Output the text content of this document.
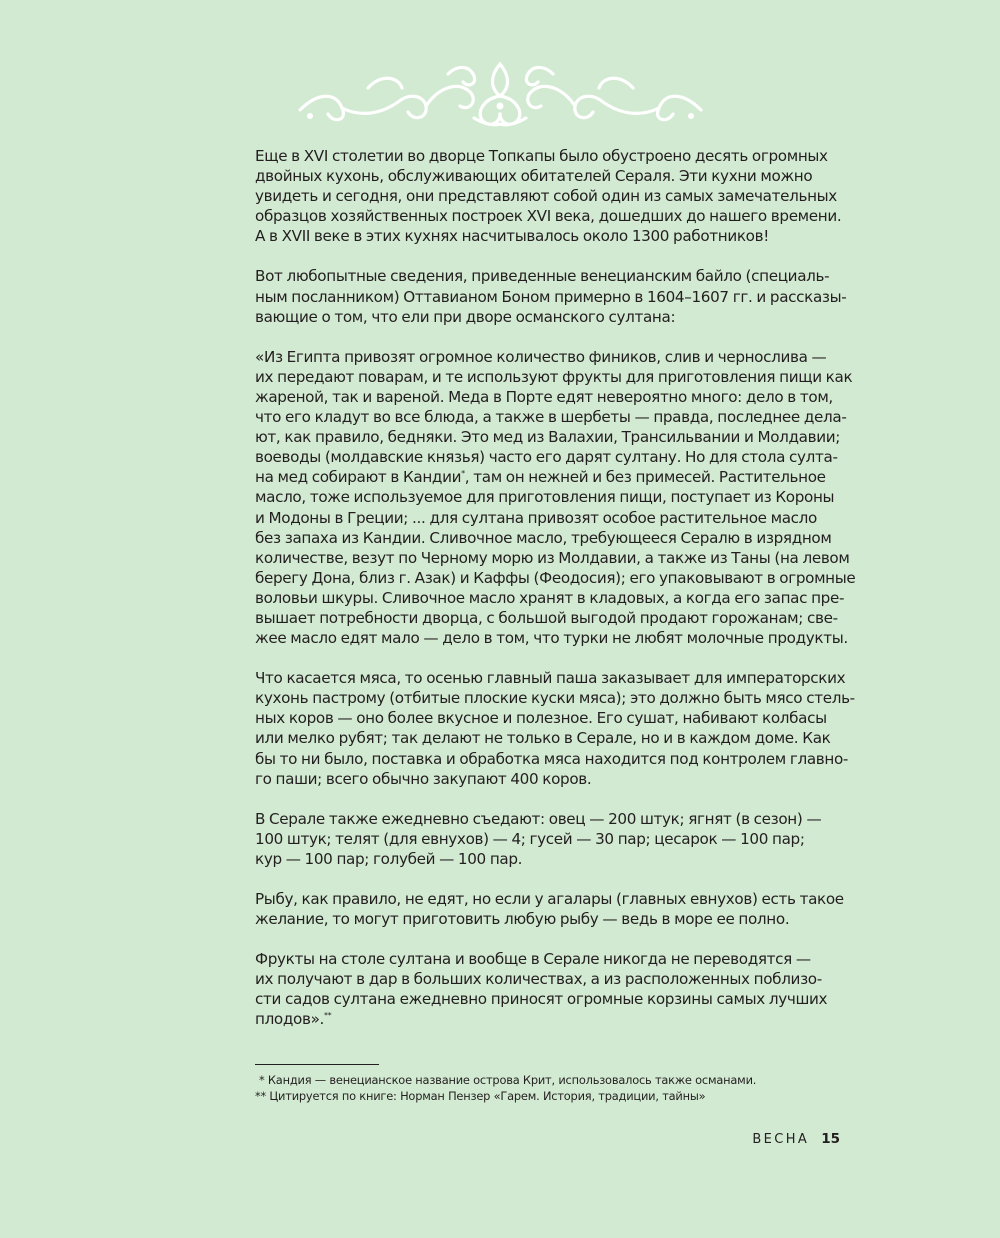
Еще в XVI столетии во дворце Топкапы было обустроено десять огромных
двойных кухонь, обслуживающих обитателей Сераля. Эти кухни можно
увидеть и сегодня, они представляют собой один из самых замечательных
образцов хозяйственных построек XVI века, дошедших до нашего времени.
А в XVII веке в этих кухнях насчитывалось около 1300 работников!

Вот любопытные сведения, приведенные венецианским байло (специаль-
ным посланником) Оттавианом Боном примерно в 1604–1607 гг. и рассказы-
вающие о том, что ели при дворе османского султана:

«Из Египта привозят огромное количество фиников, слив и чернослива —
их передают поварам, и те используют фрукты для приготовления пищи как
жареной, так и вареной. Меда в Порте едят невероятно много: дело в том,
что его кладут во все блюда, а также в шербеты — правда, последнее дела-
ют, как правило, бедняки. Это мед из Валахии, Трансильвании и Молдавии;
воеводы (молдавские князья) часто его дарят султану. Но для стола султа-
на мед собирают в Кандии*, там он нежней и без примесей. Растительное
масло, тоже используемое для приготовления пищи, поступает из Короны
и Модоны в Греции; ... для султана привозят особое растительное масло
без запаха из Кандии. Сливочное масло, требующееся Сералю в изрядном
количестве, везут по Черному морю из Молдавии, а также из Таны (на левом
берегу Дона, близ г. Азак) и Каффы (Феодосия); его упаковывают в огромные
воловьи шкуры. Сливочное масло хранят в кладовых, а когда его запас пре-
вышает потребности дворца, с большой выгодой продают горожанам; све-
жее масло едят мало — дело в том, что турки не любят молочные продукты.

Что касается мяса, то осенью главный паша заказывает для императорских
кухонь пастрому (отбитые плоские куски мяса); это должно быть мясо стель-
ных коров — оно более вкусное и полезное. Его сушат, набивают колбасы
или мелко рубят; так делают не только в Серале, но и в каждом доме. Как
бы то ни было, поставка и обработка мяса находится под контролем главно-
го паши; всего обычно закупают 400 коров.

В Серале также ежедневно съедают: овец — 200 штук; ягнят (в сезон) —
100 штук; телят (для евнухов) — 4; гусей — 30 пар; цесарок — 100 пар;
кур — 100 пар; голубей — 100 пар.

Рыбу, как правило, не едят, но если у агалары (главных евнухов) есть такое
желание, то могут приготовить любую рыбу — ведь в море ее полно.

Фрукты на столе султана и вообще в Серале никогда не переводятся —
их получают в дар в больших количествах, а из расположенных поблизо-
сти садов султана ежедневно приносят огромные корзины самых лучших
плодов».**

* Кандия — венецианское название острова Крит, использовалось также османами.
** Цитируется по книге: Норман Пензер «Гарем. История, традиции, тайны»
ВЕСНА 15
